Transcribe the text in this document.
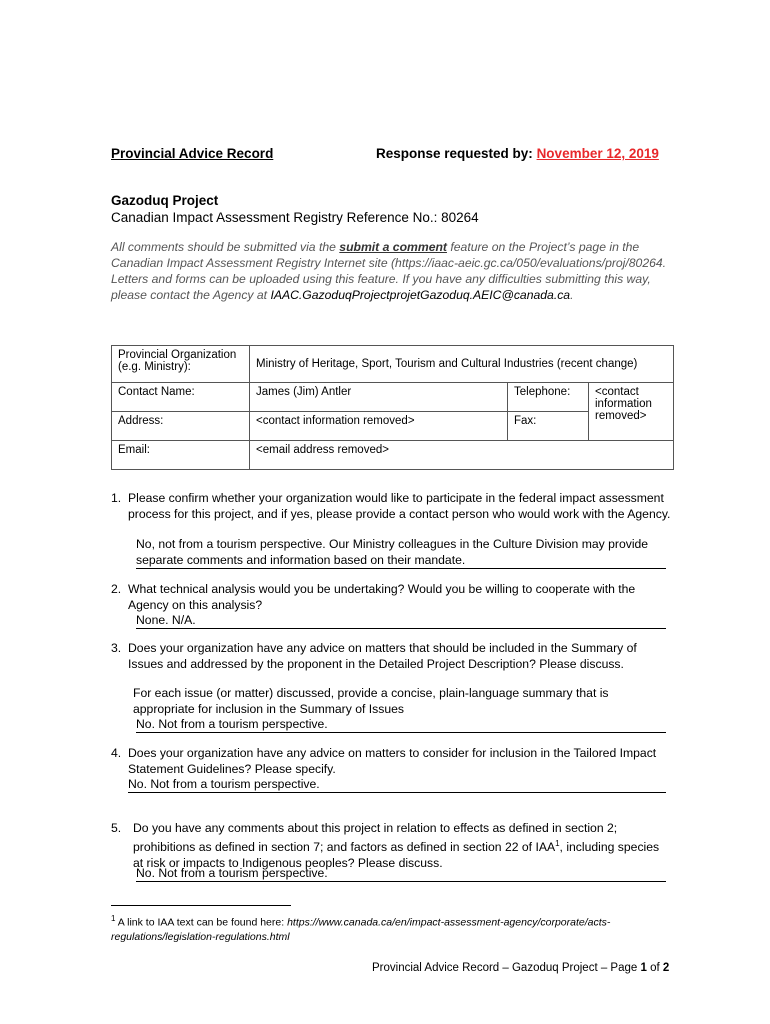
Provincial Advice Record	Response requested by: November 12, 2019
Gazoduq Project
Canadian Impact Assessment Registry Reference No.: 80264
All comments should be submitted via the submit a comment feature on the Project’s page in the Canadian Impact Assessment Registry Internet site (https://iaac-aeic.gc.ca/050/evaluations/proj/80264. Letters and forms can be uploaded using this feature. If you have any difficulties submitting this way, please contact the Agency at IAAC.GazoduqProjectprojetGazoduq.AEIC@canada.ca.
Provincial Organization (e.g. Ministry):	Ministry of Heritage, Sport, Tourism and Cultural Industries (recent change)		
Contact Name:	James (Jim) Antler	Telephone:	<contact information removed>
Address:	<contact information removed>	Fax:	
Email:	<email address removed>		
1. Please confirm whether your organization would like to participate in the federal impact assessment process for this project, and if yes, please provide a contact person who would work with the Agency.
No, not from a tourism perspective. Our Ministry colleagues in the Culture Division may provide separate comments and information based on their mandate.
2. What technical analysis would you be undertaking? Would you be willing to cooperate with the Agency on this analysis?
None. N/A.
3. Does your organization have any advice on matters that should be included in the Summary of Issues and addressed by the proponent in the Detailed Project Description? Please discuss.
For each issue (or matter) discussed, provide a concise, plain-language summary that is appropriate for inclusion in the Summary of Issues
No. Not from a tourism perspective.
4. Does your organization have any advice on matters to consider for inclusion in the Tailored Impact Statement Guidelines? Please specify.
No. Not from a tourism perspective.
5. Do you have any comments about this project in relation to effects as defined in section 2; prohibitions as defined in section 7; and factors as defined in section 22 of IAA$^1$, including species at risk or impacts to Indigenous peoples? Please discuss.
No. Not from a tourism perspective.
$^1$ A link to IAA text can be found here: https://www.canada.ca/en/impact-assessment-agency/corporate/acts-regulations/legislation-regulations.html
Provincial Advice Record – Gazoduq Project – Page 1 of 2
